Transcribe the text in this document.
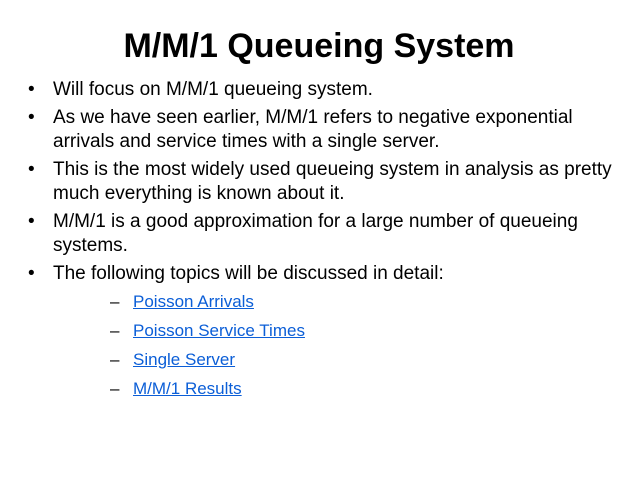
M/M/1 Queueing System
• Will focus on M/M/1 queueing system.
• As we have seen earlier, M/M/1 refers to negative exponential arrivals and service times with a single server.
• This is the most widely used queueing system in analysis as pretty much everything is known about it.
• M/M/1 is a good approximation for a large number of queueing systems.
• The following topics will be discussed in detail:
– Poisson Arrivals
– Poisson Service Times
– Single Server
– M/M/1 Results
